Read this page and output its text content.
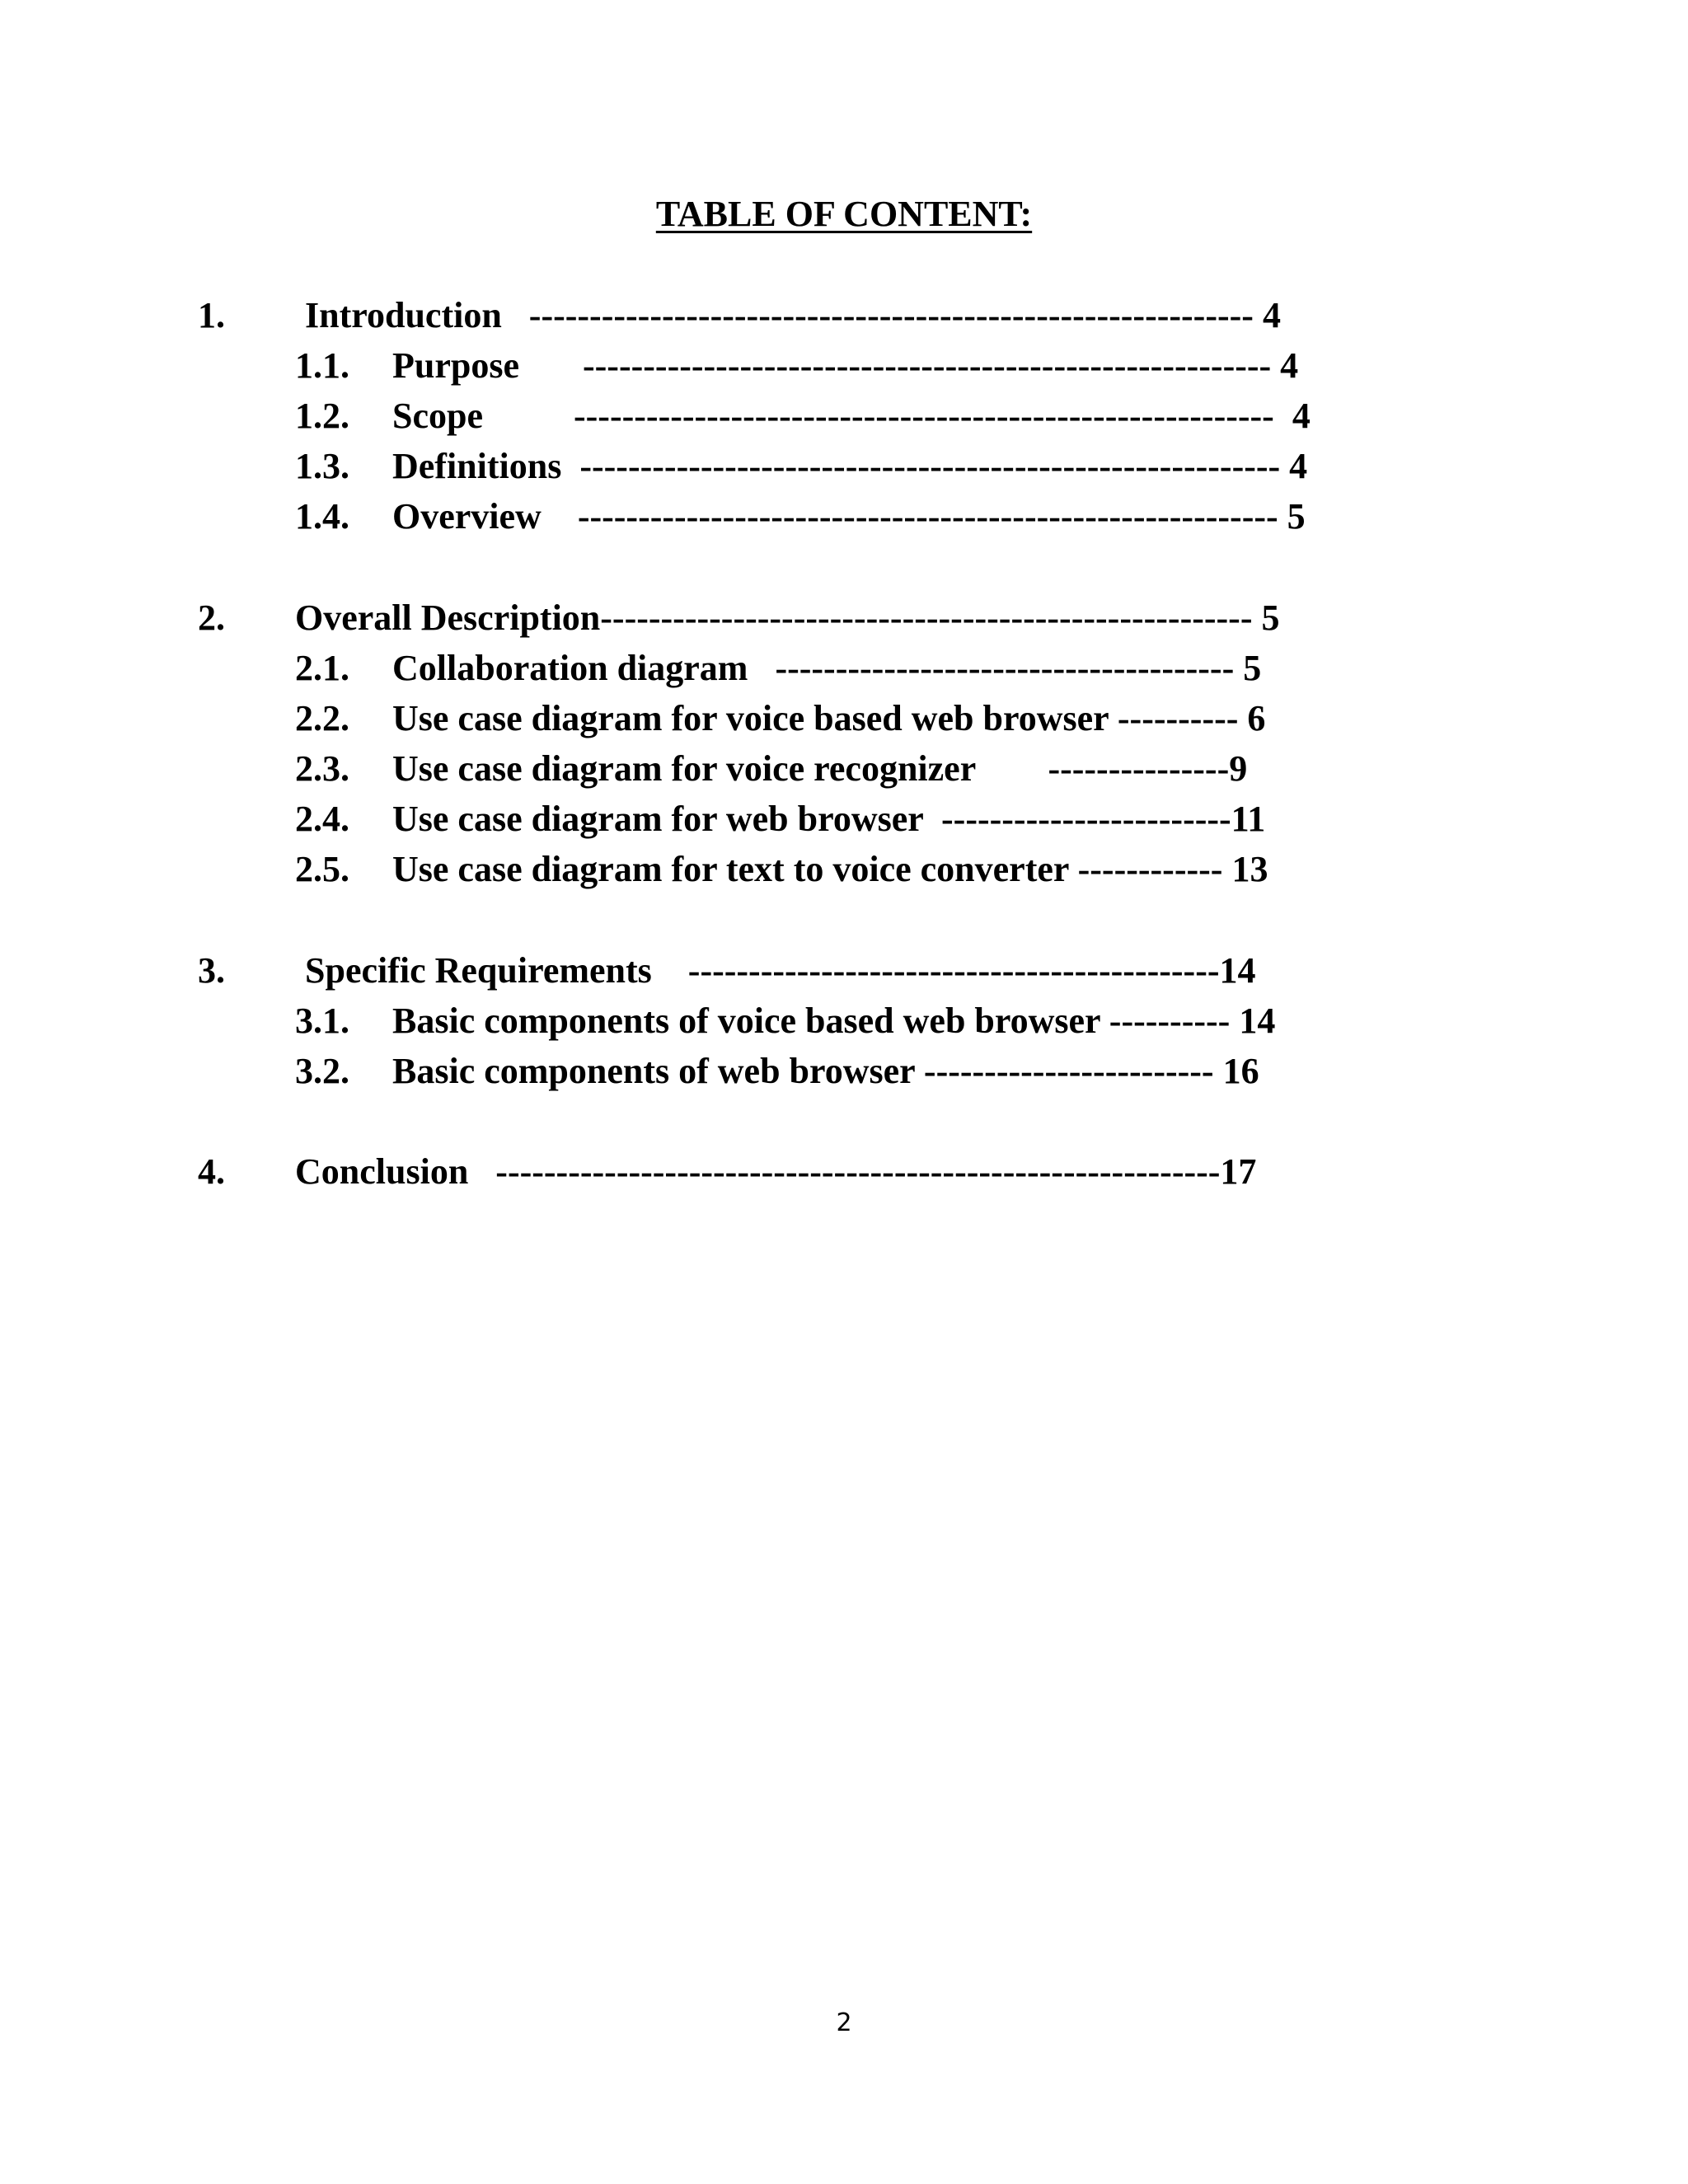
TABLE OF CONTENT:

1.

Introduction   ------------------------------------------------------------ 4

1.1.

Purpose       --------------------------------------------------------- 4

1.2.

Scope          ----------------------------------------------------------  4

1.3.

Definitions  ---------------------------------------------------------- 4

1.4.

Overview    ---------------------------------------------------------- 5

2.

Overall Description------------------------------------------------------ 5

2.1.

Collaboration diagram   -------------------------------------- 5

2.2.

Use case diagram for voice based web browser ---------- 6

2.3.

Use case diagram for voice recognizer        ---------------9

2.4.

Use case diagram for web browser  ------------------------11

2.5.

Use case diagram for text to voice converter ------------ 13

3.

Specific Requirements    --------------------------------------------14

3.1.

Basic components of voice based web browser ---------- 14

3.2.

Basic components of web browser ------------------------ 16

4.

Conclusion   ------------------------------------------------------------17

2
